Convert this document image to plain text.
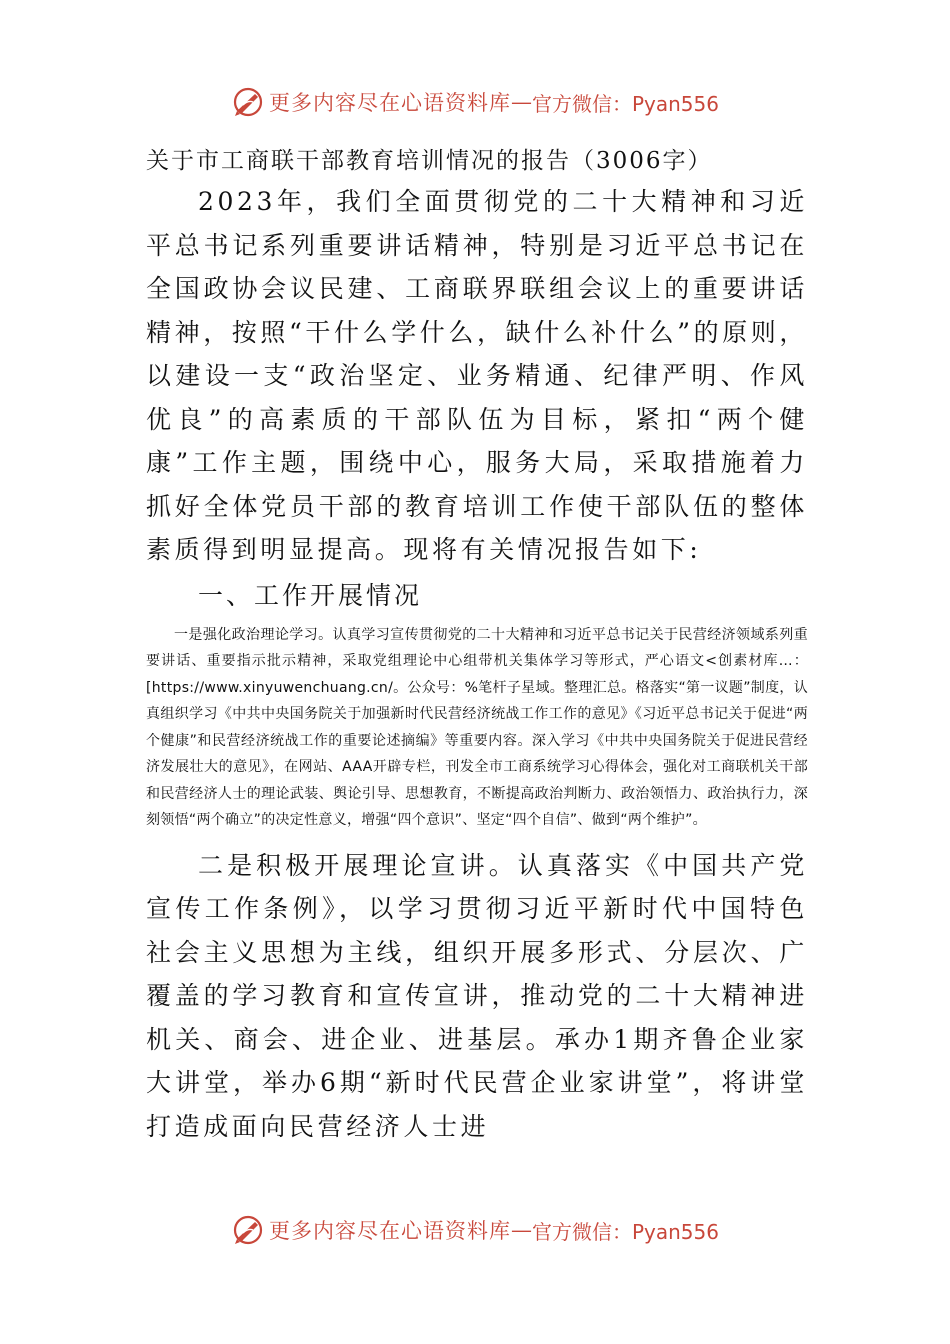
更多内容尽在心语资料库 — 官方微信：Pyan556

关于市工商联干部教育培训情况的报告（3006字）

2023年，我们全面贯彻党的二十大精神和习近平总书记系列重要讲话精神，特别是习近平总书记在全国政协会议民建、工商联界联组会议上的重要讲话精神，按照“干什么学什么，缺什么补什么”的原则，以建设一支“政治坚定、业务精通、纪律严明、作风优良”的高素质的干部队伍为目标，紧扣“两个健康”工作主题，围绕中心，服务大局，采取措施着力抓好全体党员干部的教育培训工作使干部队伍的整体素质得到明显提高。现将有关情况报告如下:

一、工作开展情况

一是强化政治理论学习。认真学习宣传贯彻党的二十大精神和习近平总书记关于民营经济领域系列重要讲话、重要指示批示精神，采取党组理论中心组带机关集体学习等形式，严心语文<创素材库…：[https://www.xinyuwenchuang.cn/。公众号：%笔杆子星域。整理汇总。格落实“第一议题”制度，认真组织学习《中共中央国务院关于加强新时代民营经济统战工作工作的意见》《习近平总书记关于促进“两个健康”和民营经济统战工作的重要论述摘编》等重要内容。深入学习《中共中央国务院关于促进民营经济发展壮大的意见》，在网站、AAA开辟专栏，刊发全市工商系统学习心得体会，强化对工商联机关干部和民营经济人士的理论武装、舆论引导、思想教育，不断提高政治判断力、政治领悟力、政治执行力，深刻领悟“两个确立”的决定性意义，增强“四个意识”、坚定“四个自信”、做到“两个维护”。

二是积极开展理论宣讲。认真落实《中国共产党宣传工作条例》，以学习贯彻习近平新时代中国特色社会主义思想为主线，组织开展多形式、分层次、广覆盖的学习教育和宣传宣讲，推动党的二十大精神进机关、商会、进企业、进基层。承办1期齐鲁企业家大讲堂，举办6期“新时代民营企业家讲堂”，将讲堂打造成面向民营经济人士进

更多内容尽在心语资料库 — 官方微信：Pyan556
